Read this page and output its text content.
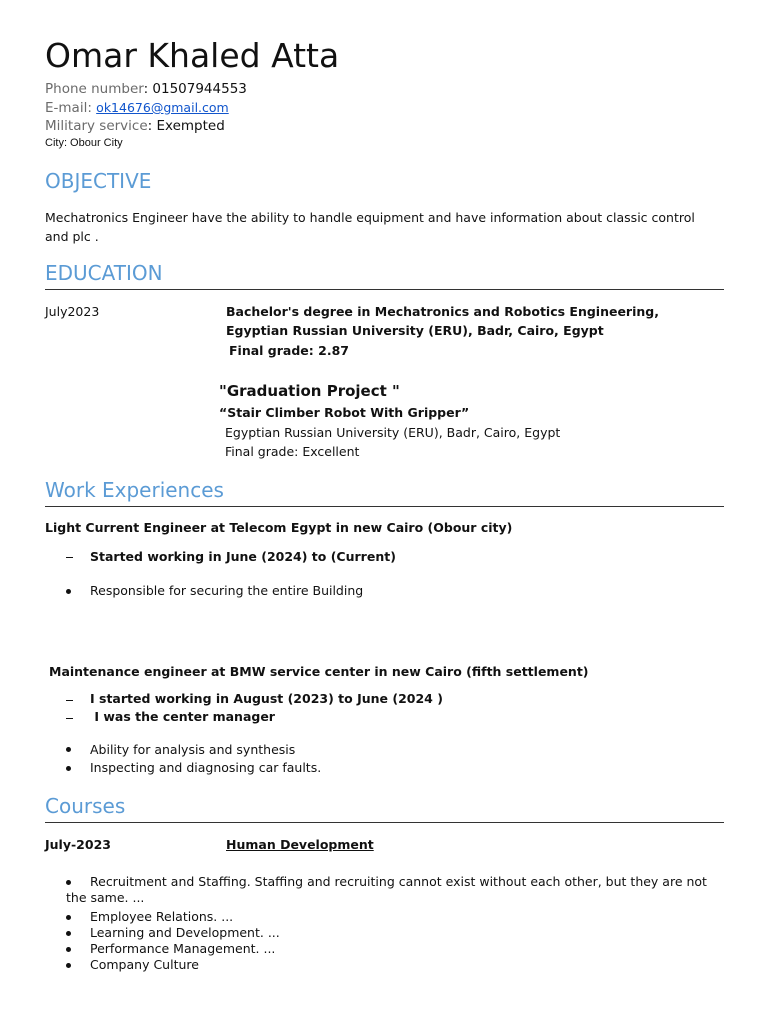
Omar Khaled Atta
Phone number: 01507944553
E-mail: ok14676@gmail.com
Military service: Exempted
City: Obour City
OBJECTIVE
Mechatronics Engineer have the ability to handle equipment and have information about classic control and plc .
EDUCATION
July2023	Bachelor's degree in Mechatronics and Robotics Engineering,
Egyptian Russian University (ERU), Badr, Cairo, Egypt
Final grade: 2.87
"Graduation Project "
“Stair Climber Robot With Gripper”
Egyptian Russian University (ERU), Badr, Cairo, Egypt
Final grade: Excellent
Work Experiences
Light Current Engineer at Telecom Egypt in new Cairo (Obour city)
Started working in June (2024) to (Current)
Responsible for securing the entire Building
Maintenance engineer at BMW service center in new Cairo (fifth settlement)
I started working in August (2023) to June (2024 )
I was the center manager
Ability for analysis and synthesis
Inspecting and diagnosing car faults.
Courses
July-2023	Human Development
Recruitment and Staffing. Staffing and recruiting cannot exist without each other, but they are not the same. ...
Employee Relations. ...
Learning and Development. ...
Performance Management. ...
Company Culture
